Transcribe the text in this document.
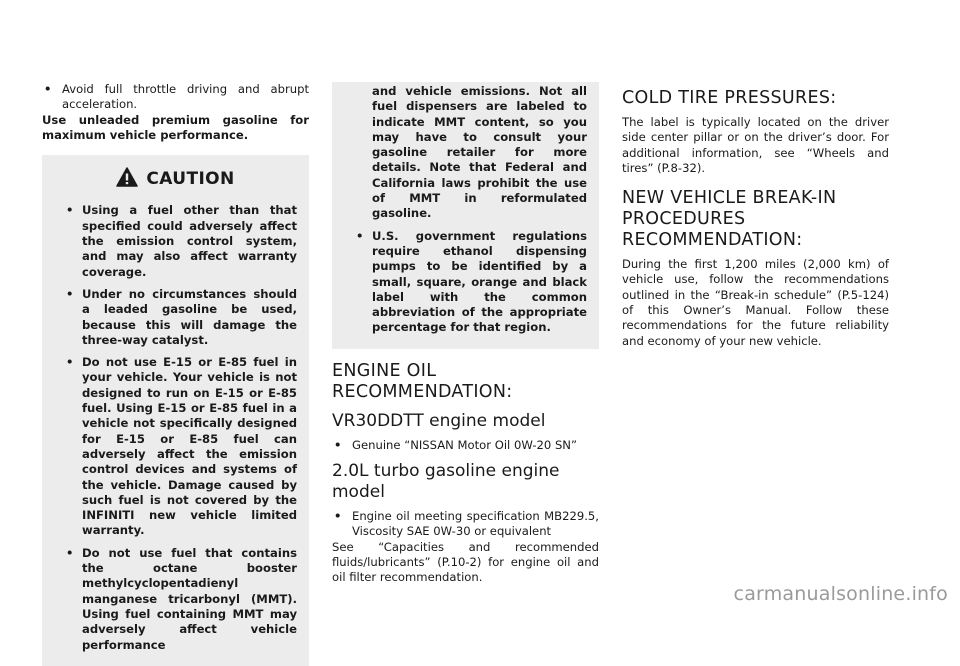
• Avoid full throttle driving and abrupt acceleration.

Use unleaded premium gasoline for maximum vehicle performance.

CAUTION
• Using a fuel other than that specified could adversely affect the emission control system, and may also affect warranty coverage.
• Under no circumstances should a leaded gasoline be used, because this will damage the three-way catalyst.
• Do not use E-15 or E-85 fuel in your vehicle. Your vehicle is not designed to run on E-15 or E-85 fuel. Using E-15 or E-85 fuel in a vehicle not specifically designed for E-15 or E-85 fuel can adversely affect the emission control devices and systems of the vehicle. Damage caused by such fuel is not covered by the INFINITI new vehicle limited warranty.
• Do not use fuel that contains the octane booster methylcyclopentadienyl manganese tricarbonyl (MMT). Using fuel containing MMT may adversely affect vehicle performance
and vehicle emissions. Not all fuel dispensers are labeled to indicate MMT content, so you may have to consult your gasoline retailer for more details. Note that Federal and California laws prohibit the use of MMT in reformulated gasoline.
• U.S. government regulations require ethanol dispensing pumps to be identified by a small, square, orange and black label with the common abbreviation of the appropriate percentage for that region.
ENGINE OIL RECOMMENDATION:
VR30DDTT engine model
• Genuine “NISSAN Motor Oil 0W-20 SN”
2.0L turbo gasoline engine model
• Engine oil meeting specification MB229.5, Viscosity SAE 0W-30 or equivalent

See “Capacities and recommended fluids/lubricants” (P.10-2) for engine oil and oil filter recommendation.

COLD TIRE PRESSURES:

The label is typically located on the driver side center pillar or on the driver’s door. For additional information, see “Wheels and tires” (P.8-32).

NEW VEHICLE BREAK-IN PROCEDURES RECOMMENDATION:

During the first 1,200 miles (2,000 km) of vehicle use, follow the recommendations outlined in the “Break-in schedule” (P.5-124) of this Owner’s Manual. Follow these recommendations for the future reliability and economy of your new vehicle.

carmanualsonline.info
